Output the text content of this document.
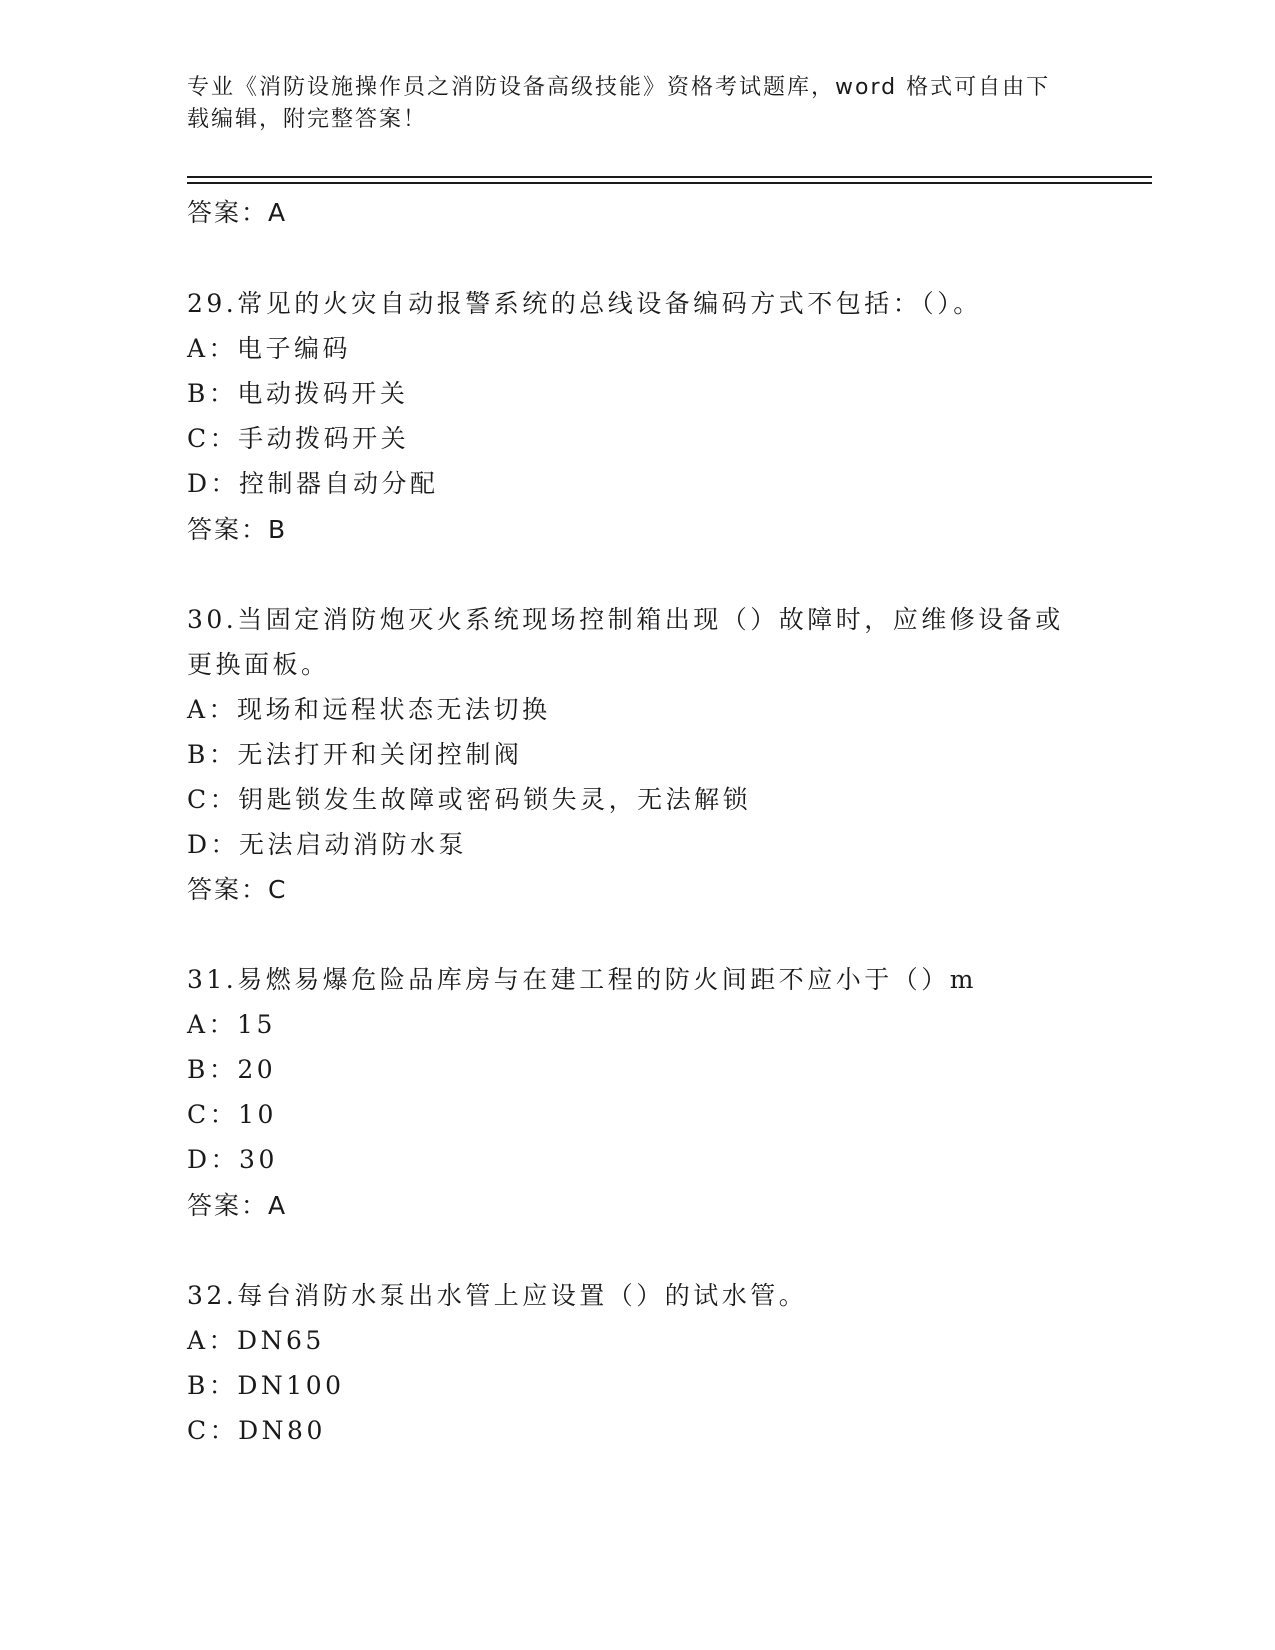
专业《消防设施操作员之消防设备高级技能》资格考试题库，word 格式可自由下
载编辑，附完整答案！
答案：A
29.常见的火灾自动报警系统的总线设备编码方式不包括：（）。
A：电子编码
B：电动拨码开关
C：手动拨码开关
D：控制器自动分配
答案：B
30.当固定消防炮灭火系统现场控制箱出现（）故障时，应维修设备或
更换面板。
A：现场和远程状态无法切换
B：无法打开和关闭控制阀
C：钥匙锁发生故障或密码锁失灵，无法解锁
D：无法启动消防水泵
答案：C
31.易燃易爆危险品库房与在建工程的防火间距不应小于（）m
A：15
B：20
C：10
D：30
答案：A
32.每台消防水泵出水管上应设置（）的试水管。
A：DN65
B：DN100
C：DN80
